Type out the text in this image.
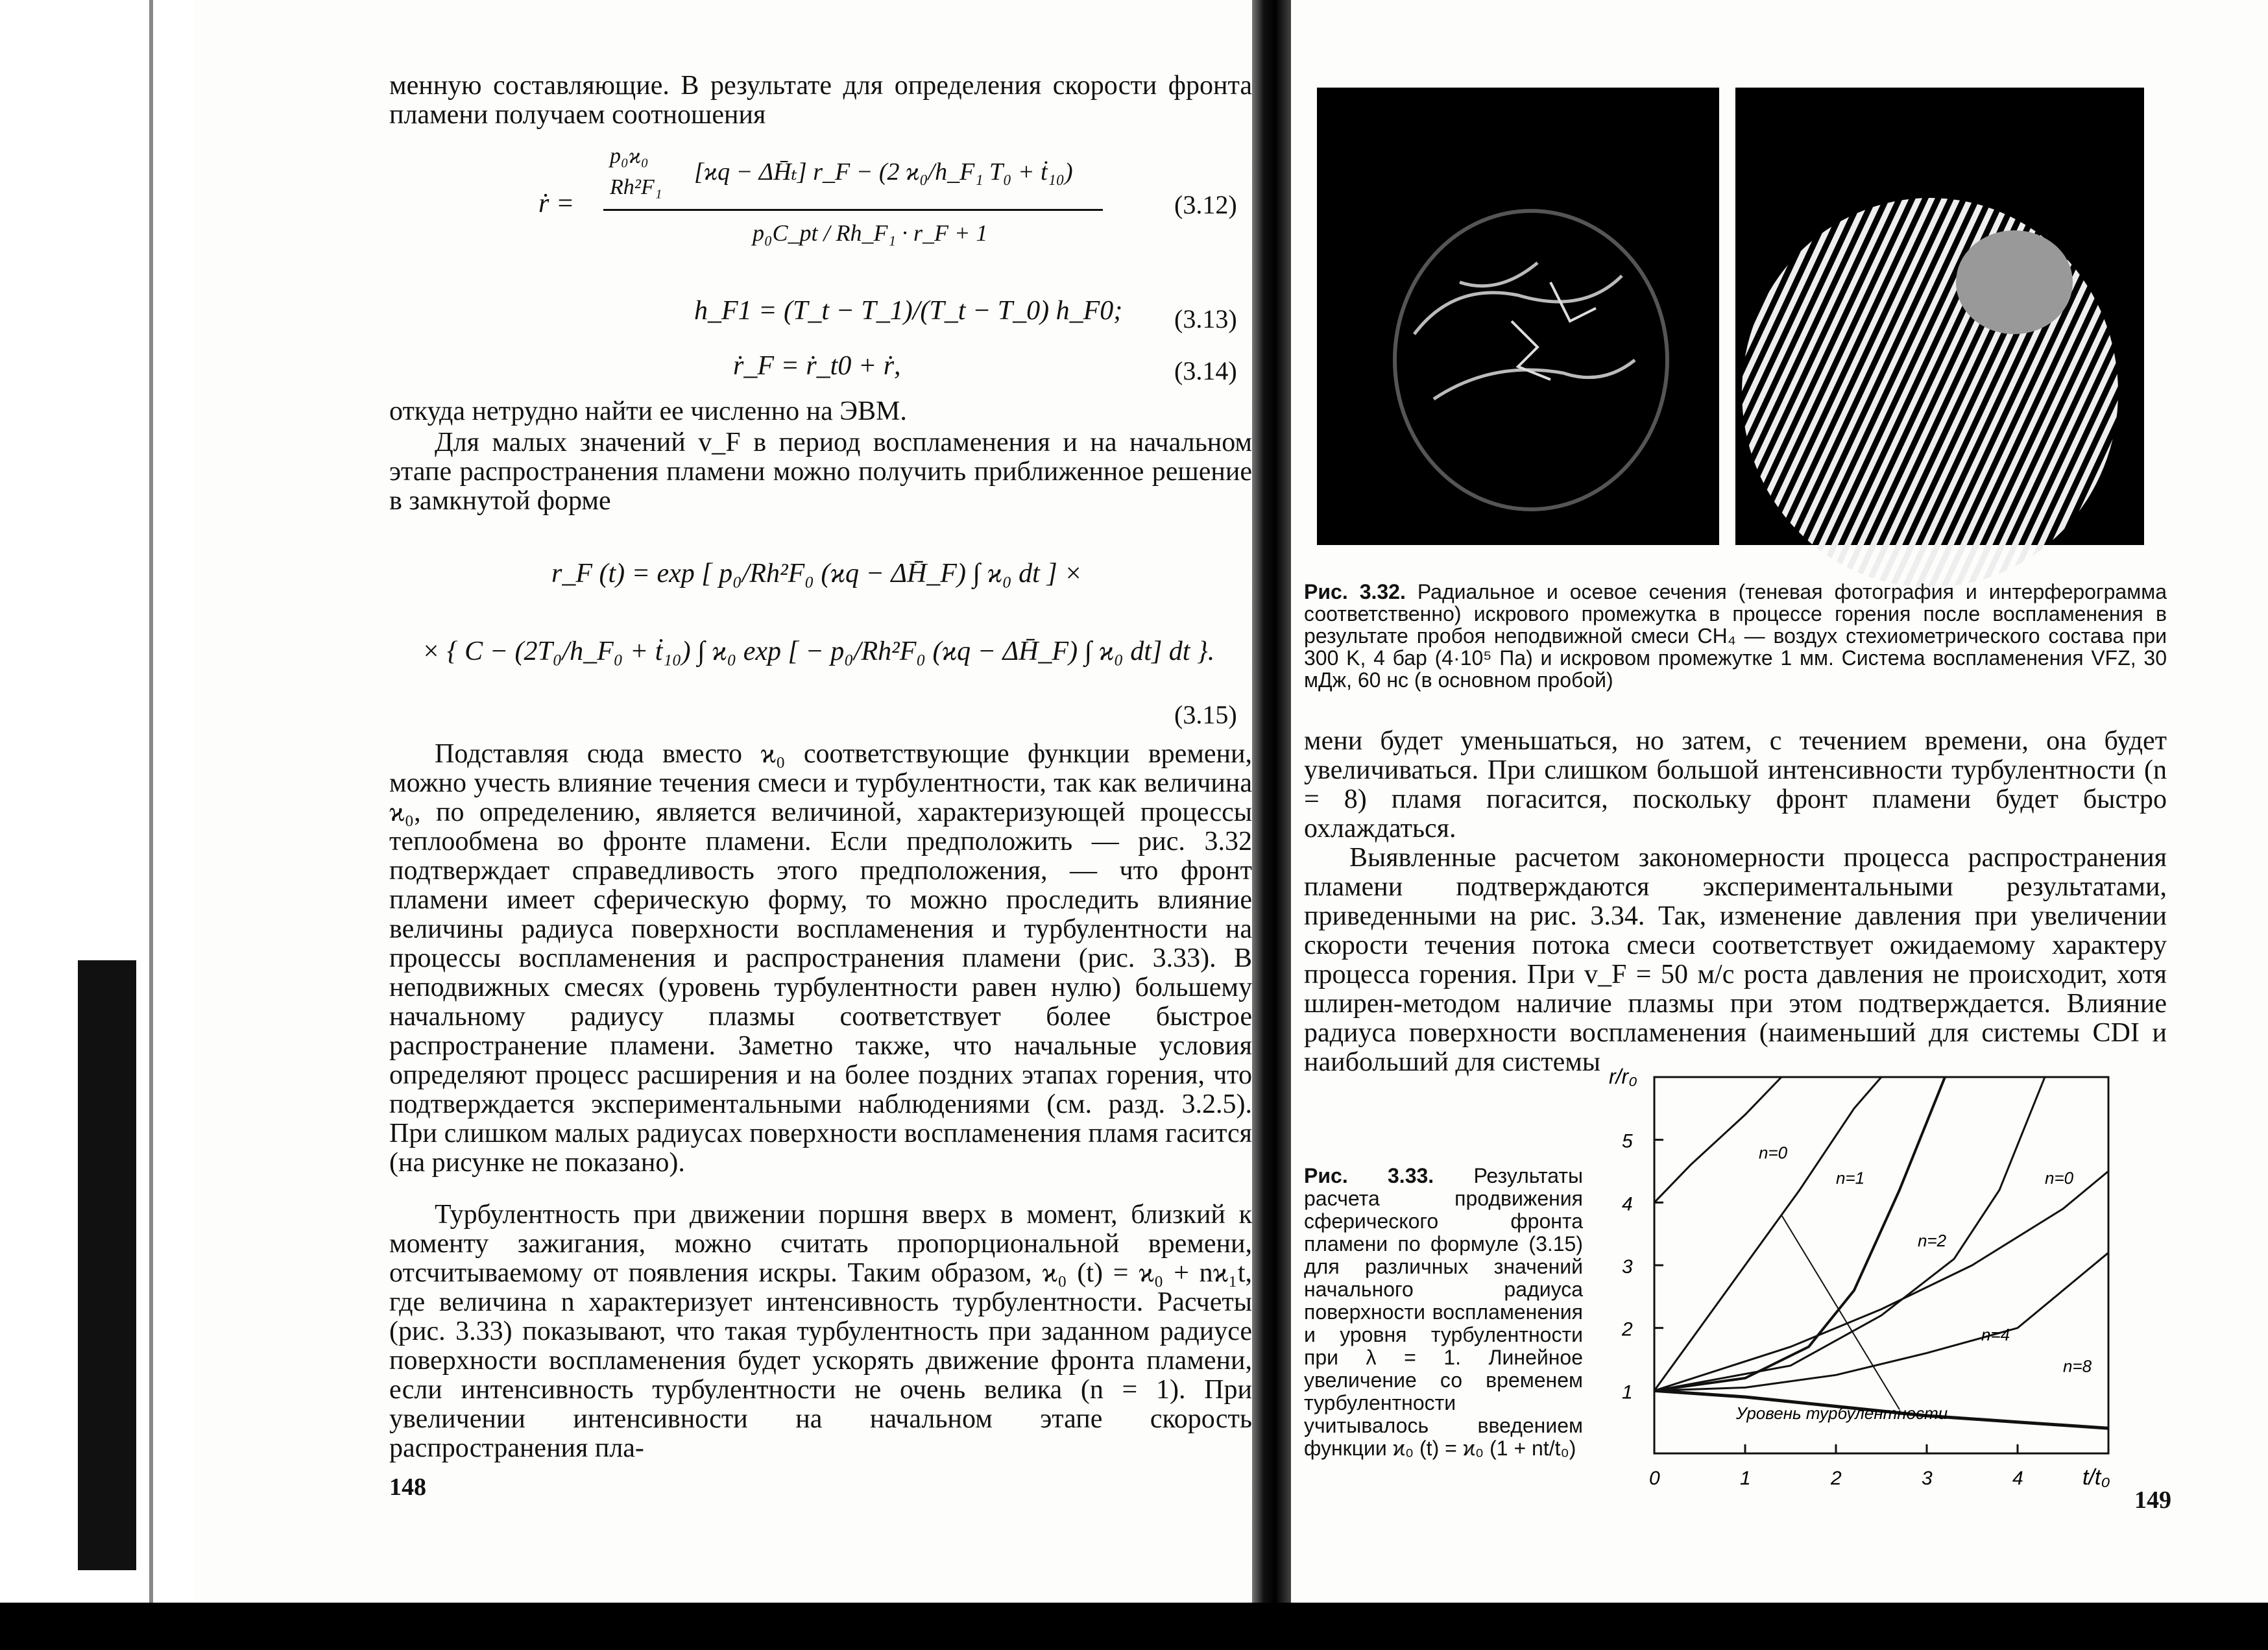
менную составляющие. В результате для определения скорости фронта пламени получаем соотношения

ṙ =
p₀ϰ₀
Rh²F₁
[ϰq − ΔH̄ₜ] r_F − (2 ϰ₀/h_F₁ T₀ + ṫ₁₀)
p₀C_pt / Rh_F₁ · r_F + 1
(3.12)
h_F1 = (T_t − T_1)/(T_t − T_0) h_F0; (3.13)
ṙ_F = ṙ_t0 + ṙ,	(3.14)

откуда нетрудно найти ее численно на ЭВМ.

Для малых значений v_F в период воспламенения и на начальном этапе распространения пламени можно получить приближенное решение в замкнутой форме

r_F (t) = exp [ p₀/Rh²F₀ (ϰq − ΔH̄_F) ∫ ϰ₀ dt ] ×
× { C − (2T₀/h_F₀ + ṫ₁₀) ∫ ϰ₀ exp [ − p₀/Rh²F₀ (ϰq − ΔH̄_F) ∫ ϰ₀ dt] dt }.
(3.15)

Подставляя сюда вместо ϰ₀ соответствующие функции времени, можно учесть влияние течения смеси и турбулентности, так как величина ϰ₀, по определению, является величиной, характеризующей процессы теплообмена во фронте пламени. Если предположить — рис. 3.32 подтверждает справедливость этого предположения, — что фронт пламени имеет сферическую форму, то можно проследить влияние величины радиуса поверхности воспламенения и турбулентности на процессы воспламенения и распространения пламени (рис. 3.33). В неподвижных смесях (уровень турбулентности равен нулю) большему начальному радиусу плазмы соответствует более быстрое распространение пламени. Заметно также, что начальные условия определяют процесс расширения и на более поздних этапах горения, что подтверждается экспериментальными наблюдениями (см. разд. 3.2.5). При слишком малых радиусах поверхности воспламенения пламя гасится (на рисунке не показано).

Турбулентность при движении поршня вверх в момент, близкий к моменту зажигания, можно считать пропорциональной времени, отсчитываемому от появления искры. Таким образом, ϰ₀ (t) = ϰ₀ + nϰ₁t, где величина n характеризует интенсивность турбулентности. Расчеты (рис. 3.33) показывают, что такая турбулентность при заданном радиусе поверхности воспламенения будет ускорять движение фронта пламени, если интенсивность турбулентности не очень велика (n = 1). При увеличении интенсивности на начальном этапе скорость распространения пла-

148
Рис. 3.32. Радиальное и осевое сечения (теневая фотография и интерферограмма соответственно) искрового промежутка в процессе горения после воспламенения в результате пробоя неподвижной смеси CH₄ — воздух стехиометрического состава при 300 K, 4 бар (4·10⁵ Па) и искровом промежутке 1 мм. Система воспламенения VFZ, 30 мДж, 60 нс (в основном пробой)

мени будет уменьшаться, но затем, с течением времени, она будет увеличиваться. При слишком большой интенсивности турбулентности (n = 8) пламя погасится, поскольку фронт пламени будет быстро охлаждаться.

Выявленные расчетом закономерности процесса распространения пламени подтверждаются экспериментальными результатами, приведенными на рис. 3.34. Так, изменение давления при увеличении скорости течения потока смеси соответствует ожидаемому характеру процесса горения. При v_F = 50 м/с роста давления не происходит, хотя шлирен-методом наличие плазмы при этом подтверждается. Влияние радиуса поверхности воспламенения (наименьший для системы CDI и наибольший для системы

Рис. 3.33. Результаты расчета продвижения сферического фронта пламени по формуле (3.15) для различных значений начального радиуса поверхности воспламенения и уровня турбулентности при λ = 1. Линейное увеличение со временем турбулентности учитывалось введением функции ϰ₀ (t) = ϰ₀ (1 + nt/t₀)
1
2
3
4
5
0	1	2	3	4
r/r₀
t/t₀
n=0
n=1	n=0
n=2
n=4
n=8
Уровень турбулентности
149
